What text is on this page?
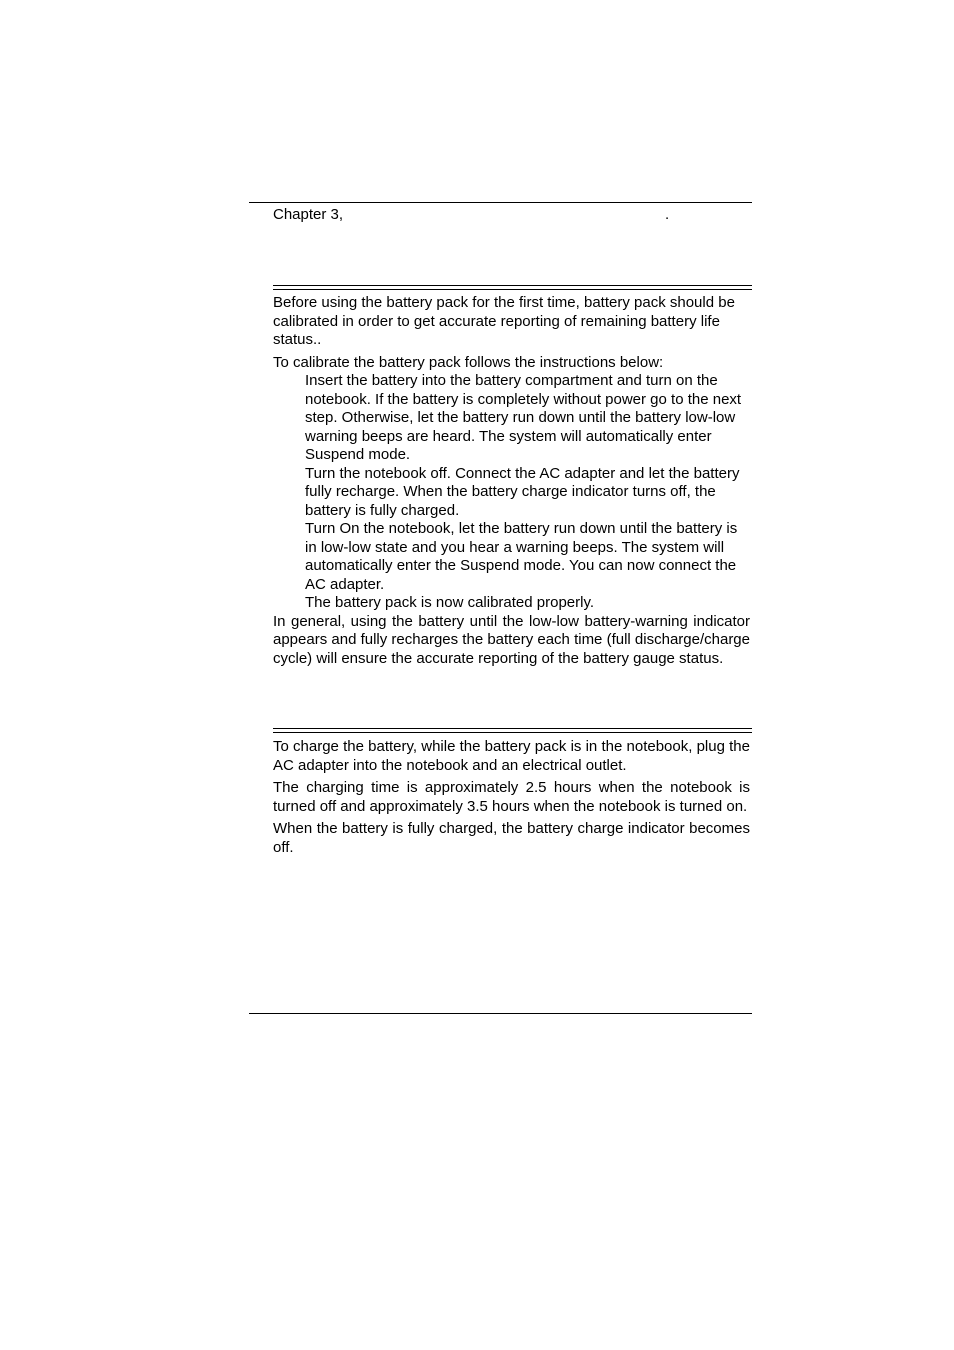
Chapter 3,	.

Before using the battery pack for the first time, battery pack should be calibrated in order to get accurate reporting of remaining battery life status..

To calibrate the battery pack follows the instructions below:

Insert the battery into the battery compartment and turn on the notebook. If the battery is completely without power go to the next step. Otherwise, let the battery run down until the battery low-low warning beeps are heard. The system will automatically enter Suspend mode.
Turn the notebook off. Connect the AC adapter and let the battery fully recharge. When the battery charge indicator turns off, the battery is fully charged.
Turn On the notebook, let the battery run down until the battery is in low-low state and you hear a warning beeps. The system will automatically enter the Suspend mode. You can now connect the AC adapter.
The battery pack is now calibrated properly.

In general, using the battery until the low-low battery-warning indicator appears and fully recharges the battery each time (full discharge/charge cycle) will ensure the accurate reporting of the battery gauge status.

To charge the battery, while the battery pack is in the notebook, plug the AC adapter into the notebook and an electrical outlet.

The charging time is approximately 2.5 hours when the notebook is turned off and approximately 3.5 hours when the notebook is turned on.

When the battery is fully charged, the battery charge indicator becomes off.
